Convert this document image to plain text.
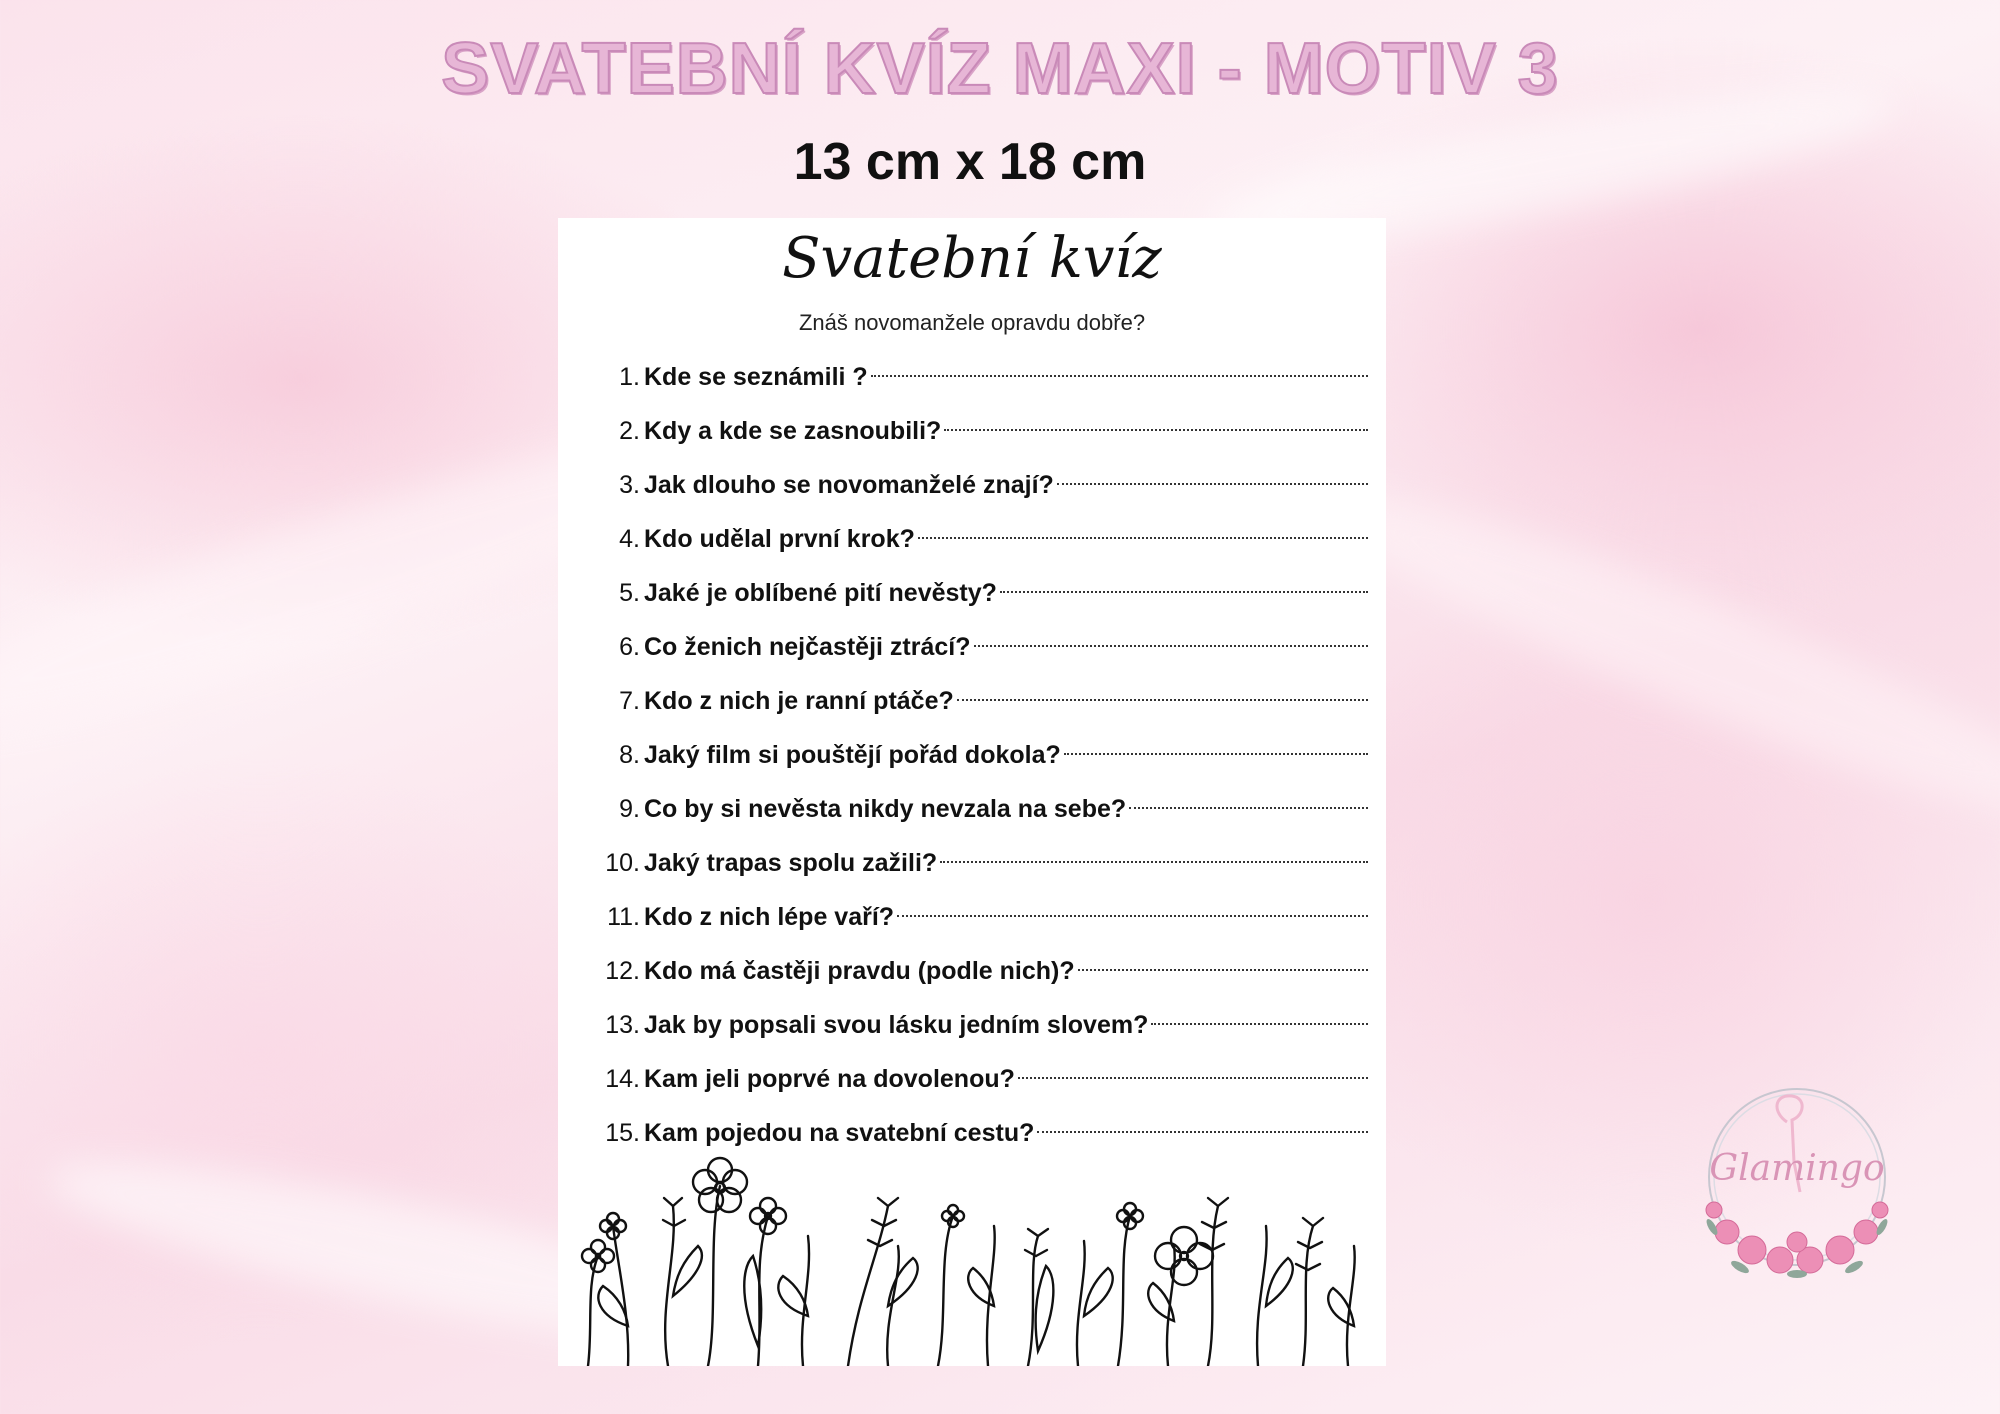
SVATEBNÍ KVÍZ MAXI - MOTIV 3
13 cm x 18 cm
Svatební kvíz
Znáš novomanžele opravdu dobře?
1. Kde se seznámili ?
2. Kdy a kde se zasnoubili?
3. Jak dlouho se novomanželé znají?
4. Kdo udělal první krok?
5. Jaké je oblíbené pití nevěsty?
6. Co ženich nejčastěji ztrácí?
7. Kdo z nich je ranní ptáče?
8. Jaký film si pouštějí pořád dokola?
9. Co by si nevěsta nikdy nevzala na sebe?
10. Jaký trapas spolu zažili?
11. Kdo z nich lépe vaří?
12. Kdo má častěji pravdu (podle nich)?
13. Jak by popsali svou lásku jedním slovem?
14. Kam jeli poprvé na dovolenou?
15. Kam pojedou na svatební cestu?
Glamingo
